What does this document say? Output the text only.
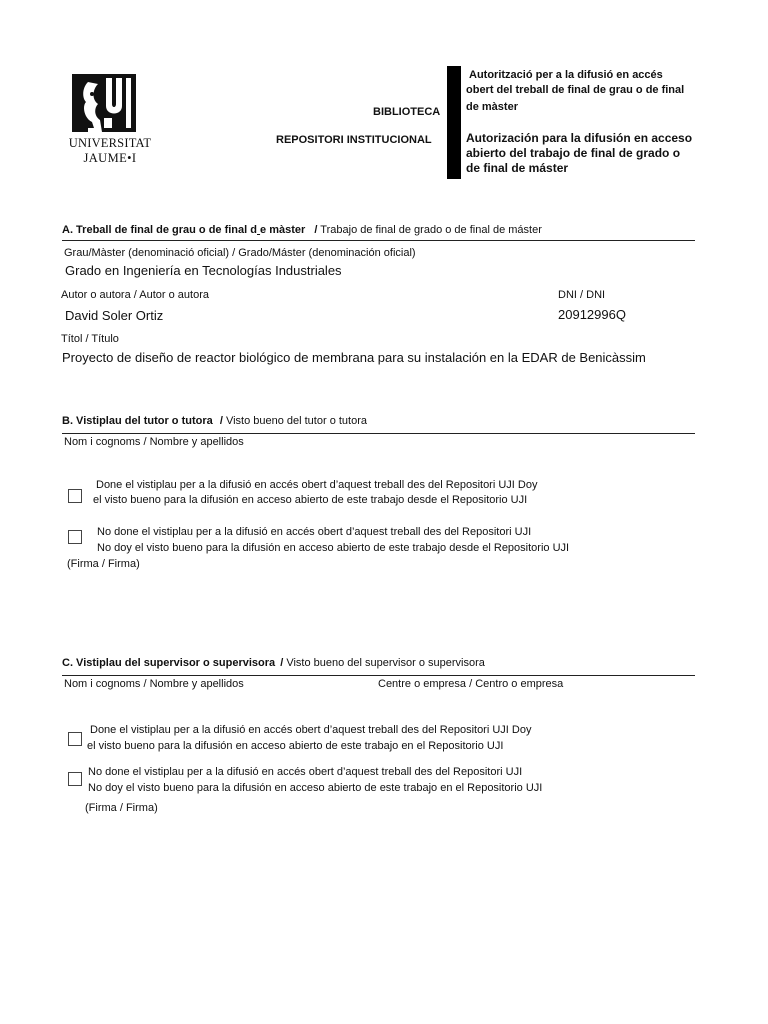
UNIVERSITAT
JAUME•I
BIBLIOTECA
REPOSITORI INSTITUCIONAL
Autorització per a la difusió en accés
obert del treball de final de grau o de final
de màster
Autorización para la difusión en acceso
abierto del trabajo de final de grado o
de final de máster
A. Treball de final de grau o de final d e màster / Trabajo de final de grado o de final de máster
Grau/Màster (denominació oficial) / Grado/Máster (denominación oficial)
Grado en Ingeniería en Tecnologías Industriales
Autor o autora / Autor o autora	DNI / DNI
David Soler Ortiz	20912996Q
Títol / Título
Proyecto de diseño de reactor biológico de membrana para su instalación en la EDAR de Benicàssim
B. Vistiplau del tutor o tutora / Visto bueno del tutor o tutora
Nom i cognoms / Nombre y apellidos
Done el vistiplau per a la difusió en accés obert d’aquest treball des del Repositori UJI Doy
el visto bueno para la difusión en acceso abierto de este trabajo desde el Repositorio UJI
No done el vistiplau per a la difusió en accés obert d’aquest treball des del Repositori UJI
No doy el visto bueno para la difusión en acceso abierto de este trabajo desde el Repositorio UJI
(Firma / Firma)
C. Vistiplau del supervisor o supervisora / Visto bueno del supervisor o supervisora
Nom i cognoms / Nombre y apellidos	Centre o empresa / Centro o empresa
Done el vistiplau per a la difusió en accés obert d’aquest treball des del Repositori UJI Doy
el visto bueno para la difusión en acceso abierto de este trabajo en el Repositorio UJI
No done el vistiplau per a la difusió en accés obert d’aquest treball des del Repositori UJI
No doy el visto bueno para la difusión en acceso abierto de este trabajo en el Repositorio UJI
(Firma / Firma)
